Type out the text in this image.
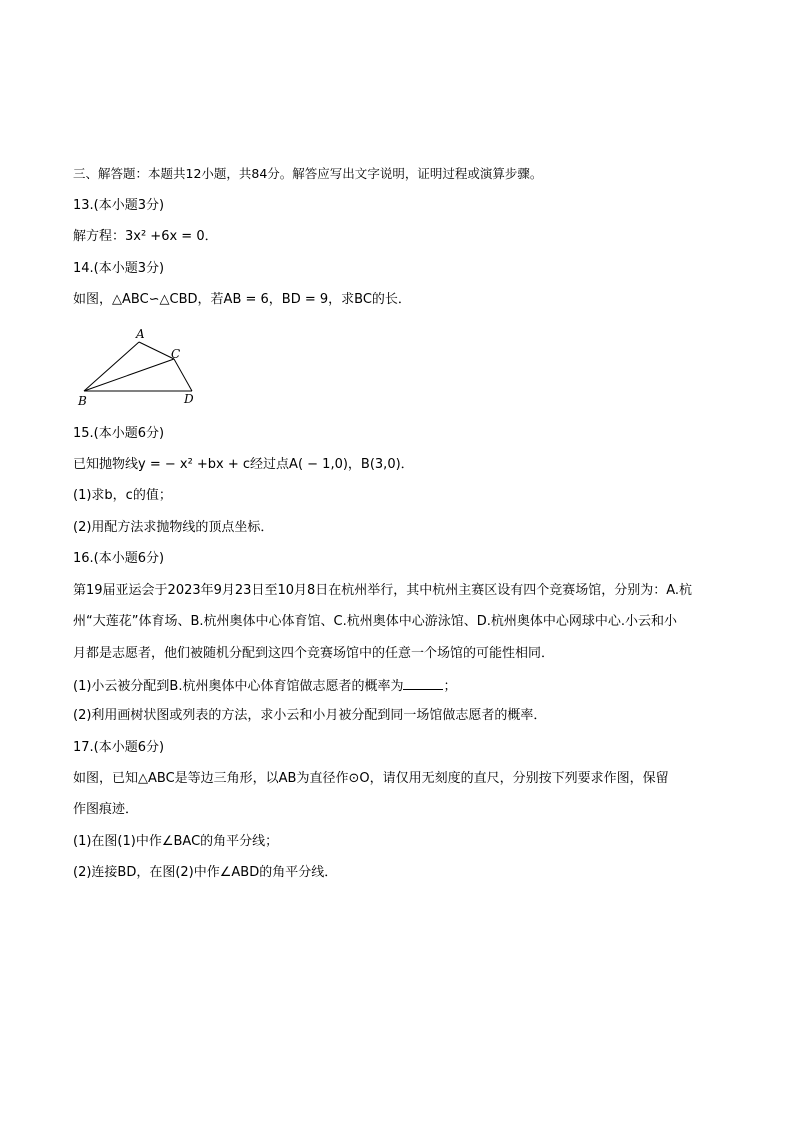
三、解答题：本题共12小题，共84分。解答应写出文字说明，证明过程或演算步骤。
13.(本小题3分)
解方程：3x² +6x = 0．
14.(本小题3分)
如图，△ABC∽△CBD，若AB = 6，BD = 9，求BC的长．
A
C
B	D
15.(本小题6分)
已知抛物线y = − x² +bx + c经过点A( − 1,0)，B(3,0)．
(1)求b，c的值；
(2)用配方法求抛物线的顶点坐标．
16.(本小题6分)
第19届亚运会于2023年9月23日至10月8日在杭州举行，其中杭州主赛区设有四个竞赛场馆，分别为：A.杭
州“大莲花”体育场、B.杭州奥体中心体育馆、C.杭州奥体中心游泳馆、D.杭州奥体中心网球中心.小云和小
月都是志愿者，他们被随机分配到这四个竞赛场馆中的任意一个场馆的可能性相同．
(1)小云被分配到B.杭州奥体中心体育馆做志愿者的概率为	；
(2)利用画树状图或列表的方法，求小云和小月被分配到同一场馆做志愿者的概率．
17.(本小题6分)
如图，已知△ABC是等边三角形，以AB为直径作⊙O，请仅用无刻度的直尺，分别按下列要求作图，保留
作图痕迹．
(1)在图(1)中作∠BAC的角平分线；
(2)连接BD，在图(2)中作∠ABD的角平分线．
